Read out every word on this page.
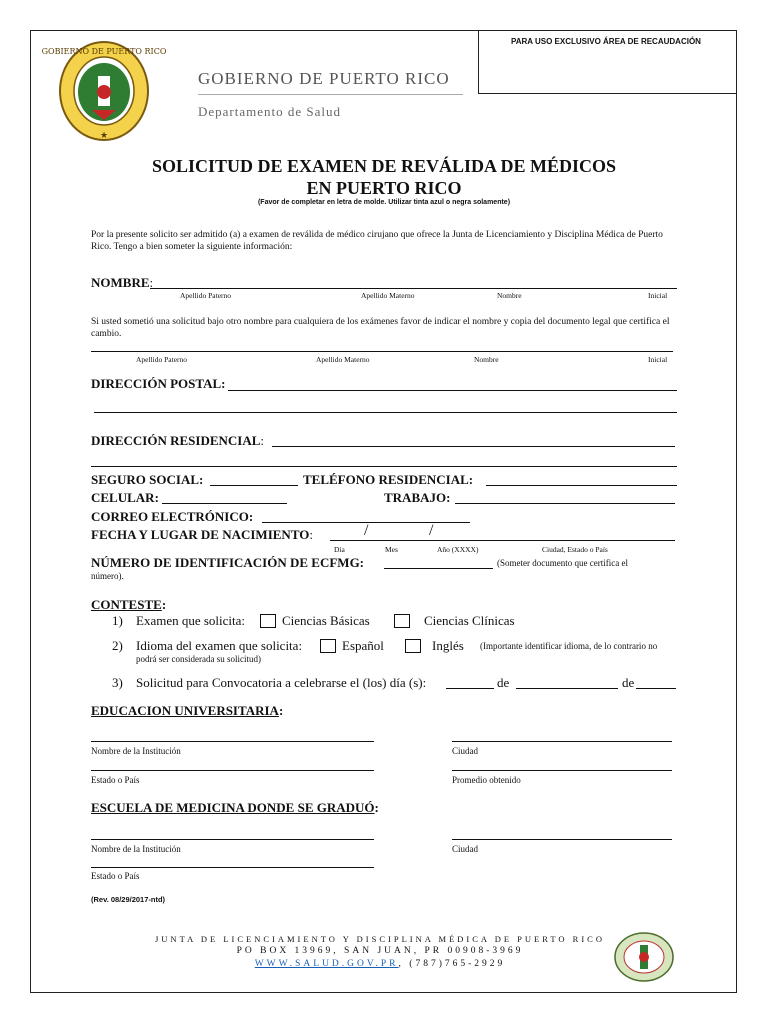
PARA USO EXCLUSIVO ÁREA DE RECAUDACIÓN
GOBIERNO DE PUERTO RICO
★
GOBIERNO DE PUERTO RICO
Departamento de Salud
SOLICITUD DE EXAMEN DE REVÁLIDA DE MÉDICOS
EN PUERTO RICO
(Favor de completar en letra de molde. Utilizar tinta azul o negra solamente)
Por la presente solicito ser admitido (a) a examen de reválida de médico cirujano que ofrece la Junta de Licenciamiento y Disciplina Médica de Puerto Rico. Tengo a bien someter la siguiente información:
NOMBRE:
Apellido Paterno	Apellido Materno	Nombre	Inicial
Si usted sometió una solicitud bajo otro nombre para cualquiera de los exámenes favor de indicar el nombre y copia del documento legal que certifica el cambio.
Apellido Paterno	Apellido Materno	Nombre	Inicial
DIRECCIÓN POSTAL:
DIRECCIÓN RESIDENCIAL:
SEGURO SOCIAL:	TELÉFONO RESIDENCIAL:
CELULAR:	TRABAJO:
CORREO ELECTRÓNICO:
FECHA Y LUGAR DE NACIMIENTO:	/	/
Día	Mes	Año (XXXX)	Ciudad, Estado o País
NÚMERO DE IDENTIFICACIÓN DE ECFMG:	(Someter documento que certifica el
número).
CONTESTE:
1) Examen que solicita:	Ciencias Básicas	Ciencias Clínicas
2) Idioma del examen que solicita:	Español	Inglés (Importante identificar idioma, de lo contrario no
podrá ser considerada su solicitud)
3) Solicitud para Convocatoria a celebrarse el (los) día (s):	de	de
EDUCACION UNIVERSITARIA:
Nombre de la Institución	Ciudad
Estado o País	Promedio obtenido
ESCUELA DE MEDICINA DONDE SE GRADUÓ:
Nombre de la Institución	Ciudad
Estado o País
(Rev. 08/29/2017-ntd)
JUNTA DE LICENCIAMIENTO Y DISCIPLINA MÉDICA DE PUERTO RICO
PO BOX 13969, SAN JUAN, PR 00908-3969
WWW.SALUD.GOV.PR, (787)765-2929
